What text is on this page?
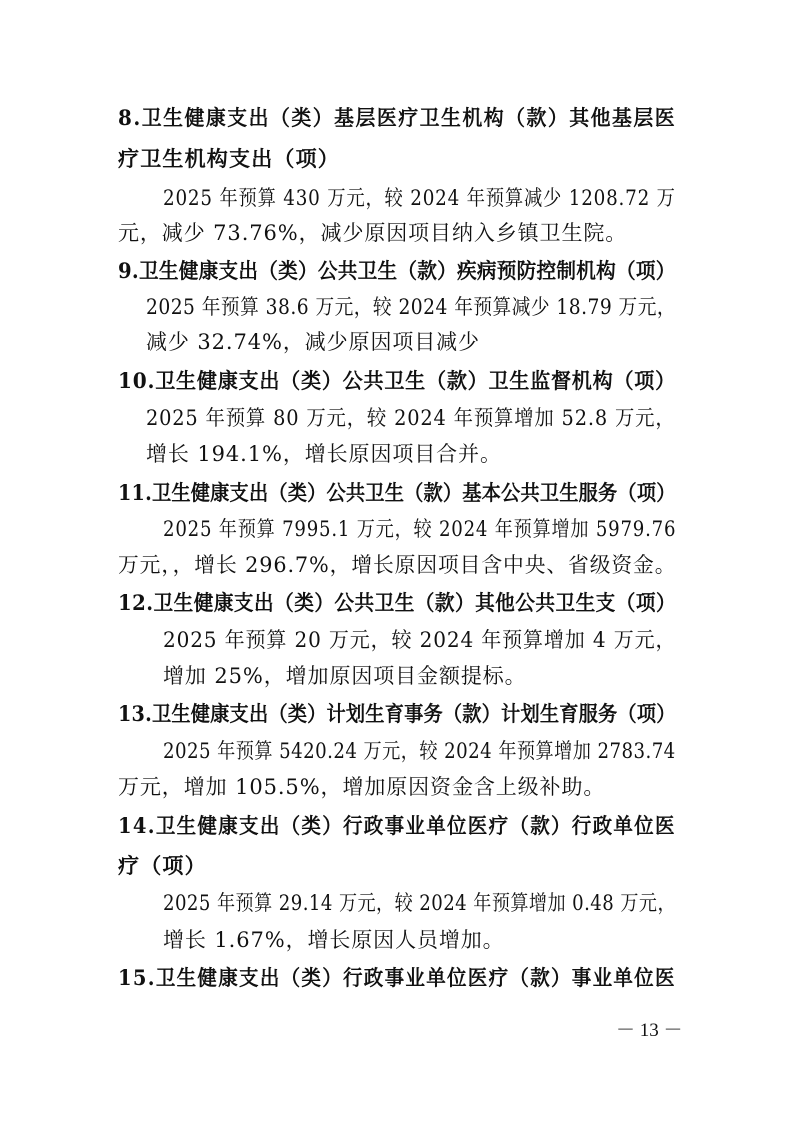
8.卫生健康支出（类）基层医疗卫生机构（款）其他基层医
疗卫生机构支出（项）
2025 年预算 430 万元，较 2024 年预算减少 1208.72 万
元，减少 73.76%，减少原因项目纳入乡镇卫生院。
9.卫生健康支出（类）公共卫生（款）疾病预防控制机构（项）
2025 年预算 38.6 万元，较 2024 年预算减少 18.79 万元，
减少 32.74%，减少原因项目减少
10.卫生健康支出（类）公共卫生（款）卫生监督机构（项）
2025 年预算 80 万元，较 2024 年预算增加 52.8 万元，
增长 194.1%，增长原因项目合并。
11.卫生健康支出（类）公共卫生（款）基本公共卫生服务（项）
2025 年预算 7995.1 万元，较 2024 年预算增加 5979.76
万元，，增长 296.7%，增长原因项目含中央、省级资金。
12.卫生健康支出（类）公共卫生（款）其他公共卫生支（项）
2025 年预算 20 万元，较 2024 年预算增加 4 万元，
增加 25%，增加原因项目金额提标。
13.卫生健康支出（类）计划生育事务（款）计划生育服务（项）
2025 年预算 5420.24 万元，较 2024 年预算增加 2783.74
万元，增加 105.5%，增加原因资金含上级补助。
14.卫生健康支出（类）行政事业单位医疗（款）行政单位医
疗（项）
2025 年预算 29.14 万元，较 2024 年预算增加 0.48 万元，
增长 1.67%，增长原因人员增加。
15.卫生健康支出（类）行政事业单位医疗（款）事业单位医
－ 13 －
